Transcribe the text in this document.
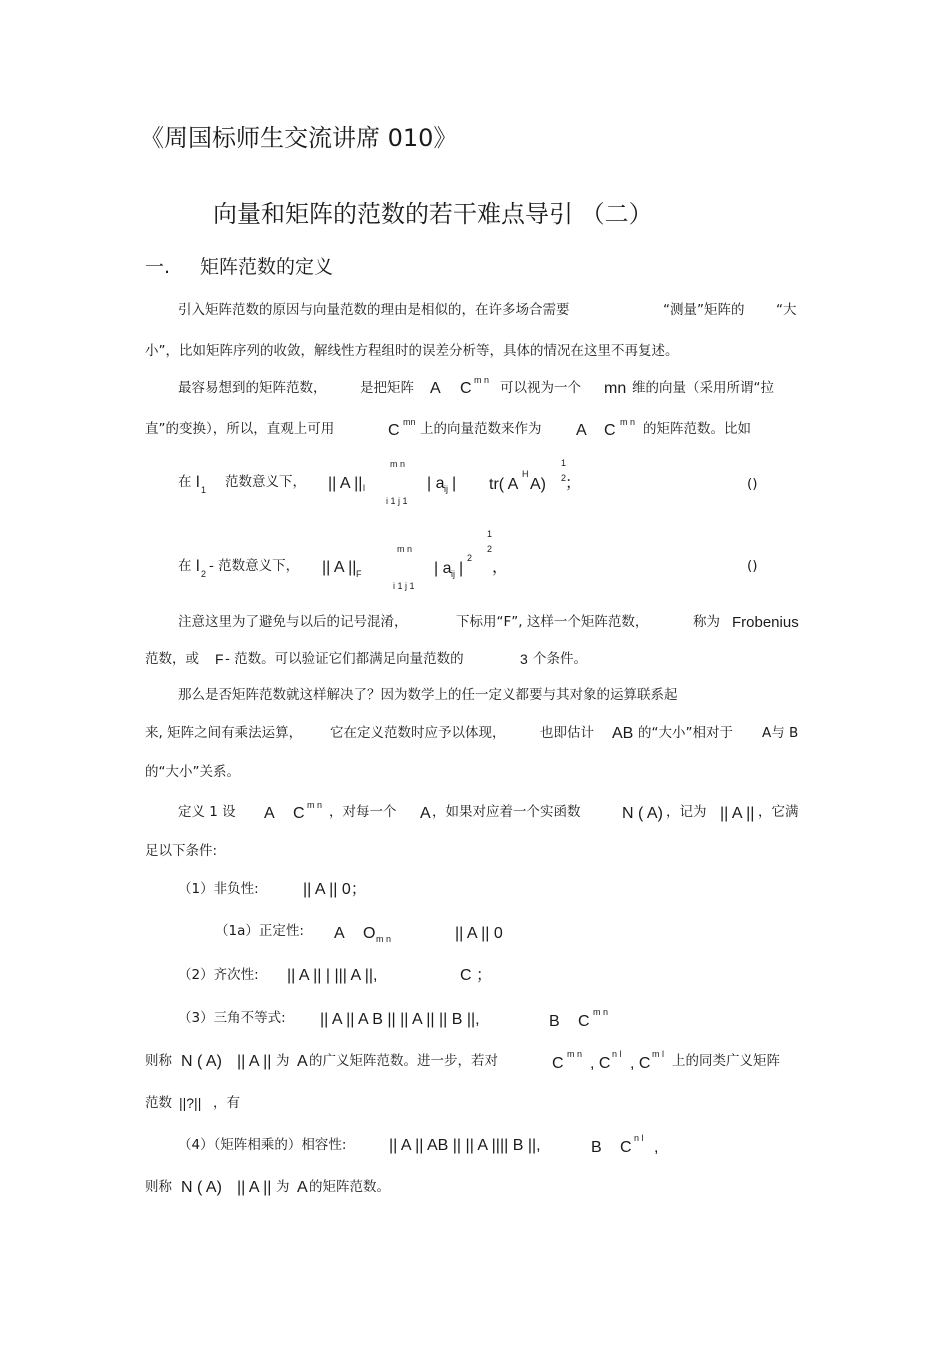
《周国标师生交流讲席 010》
向量和矩阵的范数的若干难点导引 （二）
一. 矩阵范数的定义
引入矩阵范数的原因与向量范数的理由是相似的，在许多场合需要	“测量”矩阵的 “大
小”，比如矩阵序列的收敛，解线性方程组时的误差分析等，具体的情况在这里不再复述。
最容易想到的矩阵范数， 是把矩阵 A C m n 可以视为一个 mn 维的向量（采用所谓“拉
直”的变换），所以，直观上可用	C mn 上的向量范数来作为 A C m n 的矩阵范数。比如
在 l 1 范数意义下， || A || l
m n
i 1 j 1
| a ij | tr( A
H
A)
1
2
；	()
在 l 2 - 范数意义下， || A || F
m n
i 1 j 1
| a ij |
2
1
2
，	()
注意这里为了避免与以后的记号混淆，	下标用“F”, 这样一个矩阵范数，	称为 Frobenius
范数，或 F - 范数。可以验证它们都满足向量范数的	3 个条件。
那么是否矩阵范数就这样解决了？因为数学上的任一定义都要与其对象的运算联系起
来, 矩阵之间有乘法运算， 它在定义范数时应予以体现，	也即估计 AB 的“大小”相对于 A与 B
的“大小”关系。
定义 1 设 A C m n ，对每一个 A ，如果对应着一个实函数	N ( A) ，记为 || A || ，它满
足以下条件:
（1）非负性:	|| A || 0；
（1a）正定性: A O m n	|| A || 0
（2）齐次性: || A || | ||| A ||,	C ；
（3）三角不等式: || A || A B || || A || || B ||,	B C
m n
则称 N ( A) || A || 为 A 的广义矩阵范数。进一步，若对	C
m n
, C
n l
, C
m l 上的同类广义矩阵
范数 ||?|| ，有
（4）（矩阵相乘的）相容性:	|| A || AB || || A |||| B ||,	B C
n l
,
则称 N ( A) || A || 为 A 的矩阵范数。
